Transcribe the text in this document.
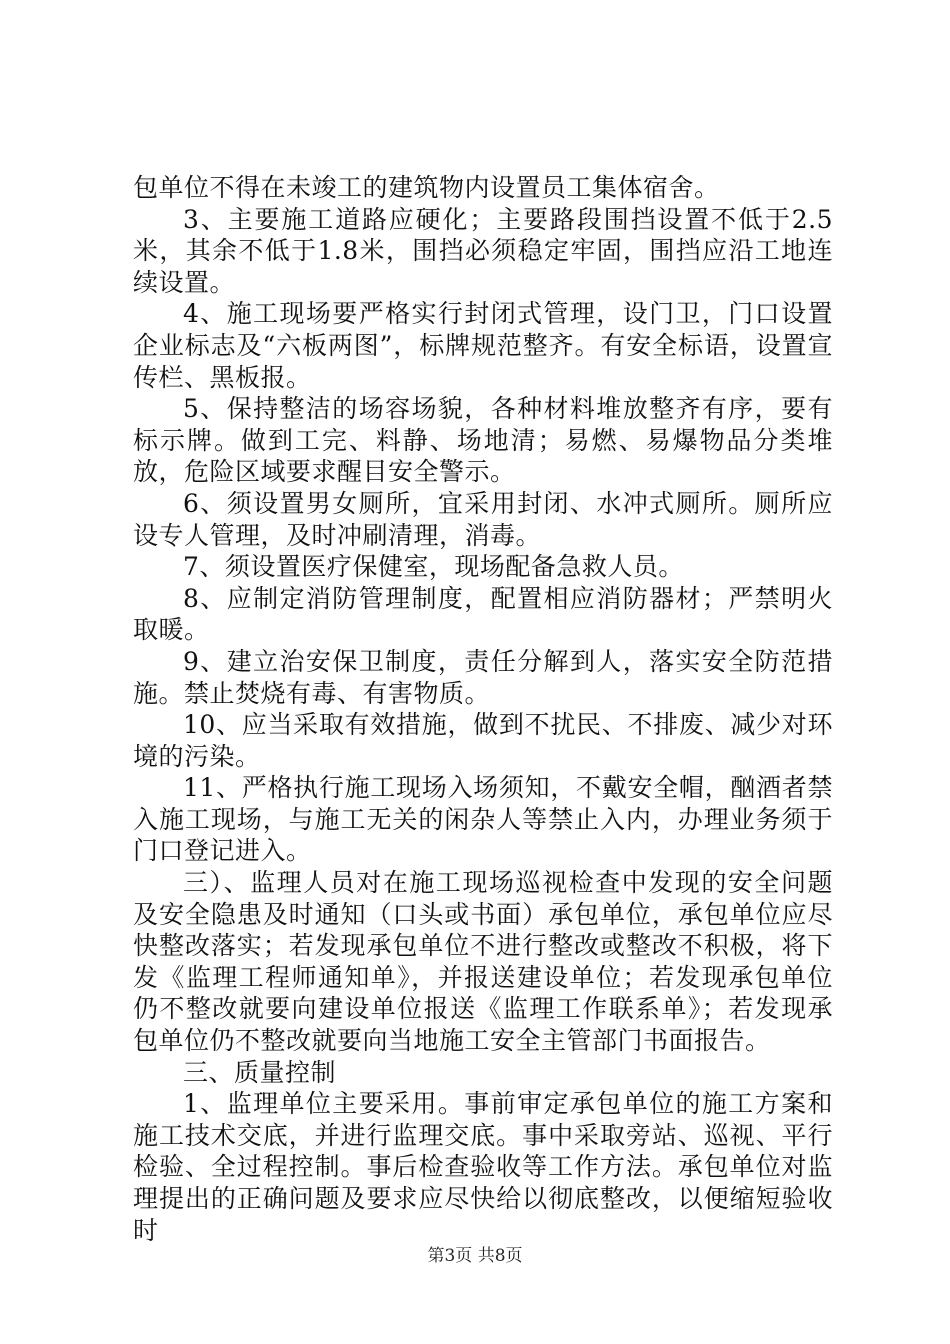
包单位不得在未竣工的建筑物内设置员工集体宿舍。

3、主要施工道路应硬化；主要路段围挡设置不低于2.5米，其余不低于1.8米，围挡必须稳定牢固，围挡应沿工地连续设置。

4、施工现场要严格实行封闭式管理，设门卫，门口设置企业标志及“六板两图”，标牌规范整齐。有安全标语，设置宣传栏、黑板报。

5、保持整洁的场容场貌，各种材料堆放整齐有序，要有标示牌。做到工完、料静、场地清；易燃、易爆物品分类堆放，危险区域要求醒目安全警示。

6、须设置男女厕所，宜采用封闭、水冲式厕所。厕所应设专人管理，及时冲刷清理，消毒。

7、须设置医疗保健室，现场配备急救人员。

8、应制定消防管理制度，配置相应消防器材；严禁明火取暖。

9、建立治安保卫制度，责任分解到人，落实安全防范措施。禁止焚烧有毒、有害物质。

10、应当采取有效措施，做到不扰民、不排废、减少对环境的污染。

11、严格执行施工现场入场须知，不戴安全帽，酗酒者禁入施工现场，与施工无关的闲杂人等禁止入内，办理业务须于门口登记进入。

三）、监理人员对在施工现场巡视检查中发现的安全问题及安全隐患及时通知（口头或书面）承包单位，承包单位应尽快整改落实；若发现承包单位不进行整改或整改不积极，将下发《监理工程师通知单》，并报送建设单位；若发现承包单位仍不整改就要向建设单位报送《监理工作联系单》；若发现承包单位仍不整改就要向当地施工安全主管部门书面报告。

三、质量控制

1、监理单位主要采用。事前审定承包单位的施工方案和施工技术交底，并进行监理交底。事中采取旁站、巡视、平行检验、全过程控制。事后检查验收等工作方法。承包单位对监理提出的正确问题及要求应尽快给以彻底整改，以便缩短验收时

第3页 共8页
